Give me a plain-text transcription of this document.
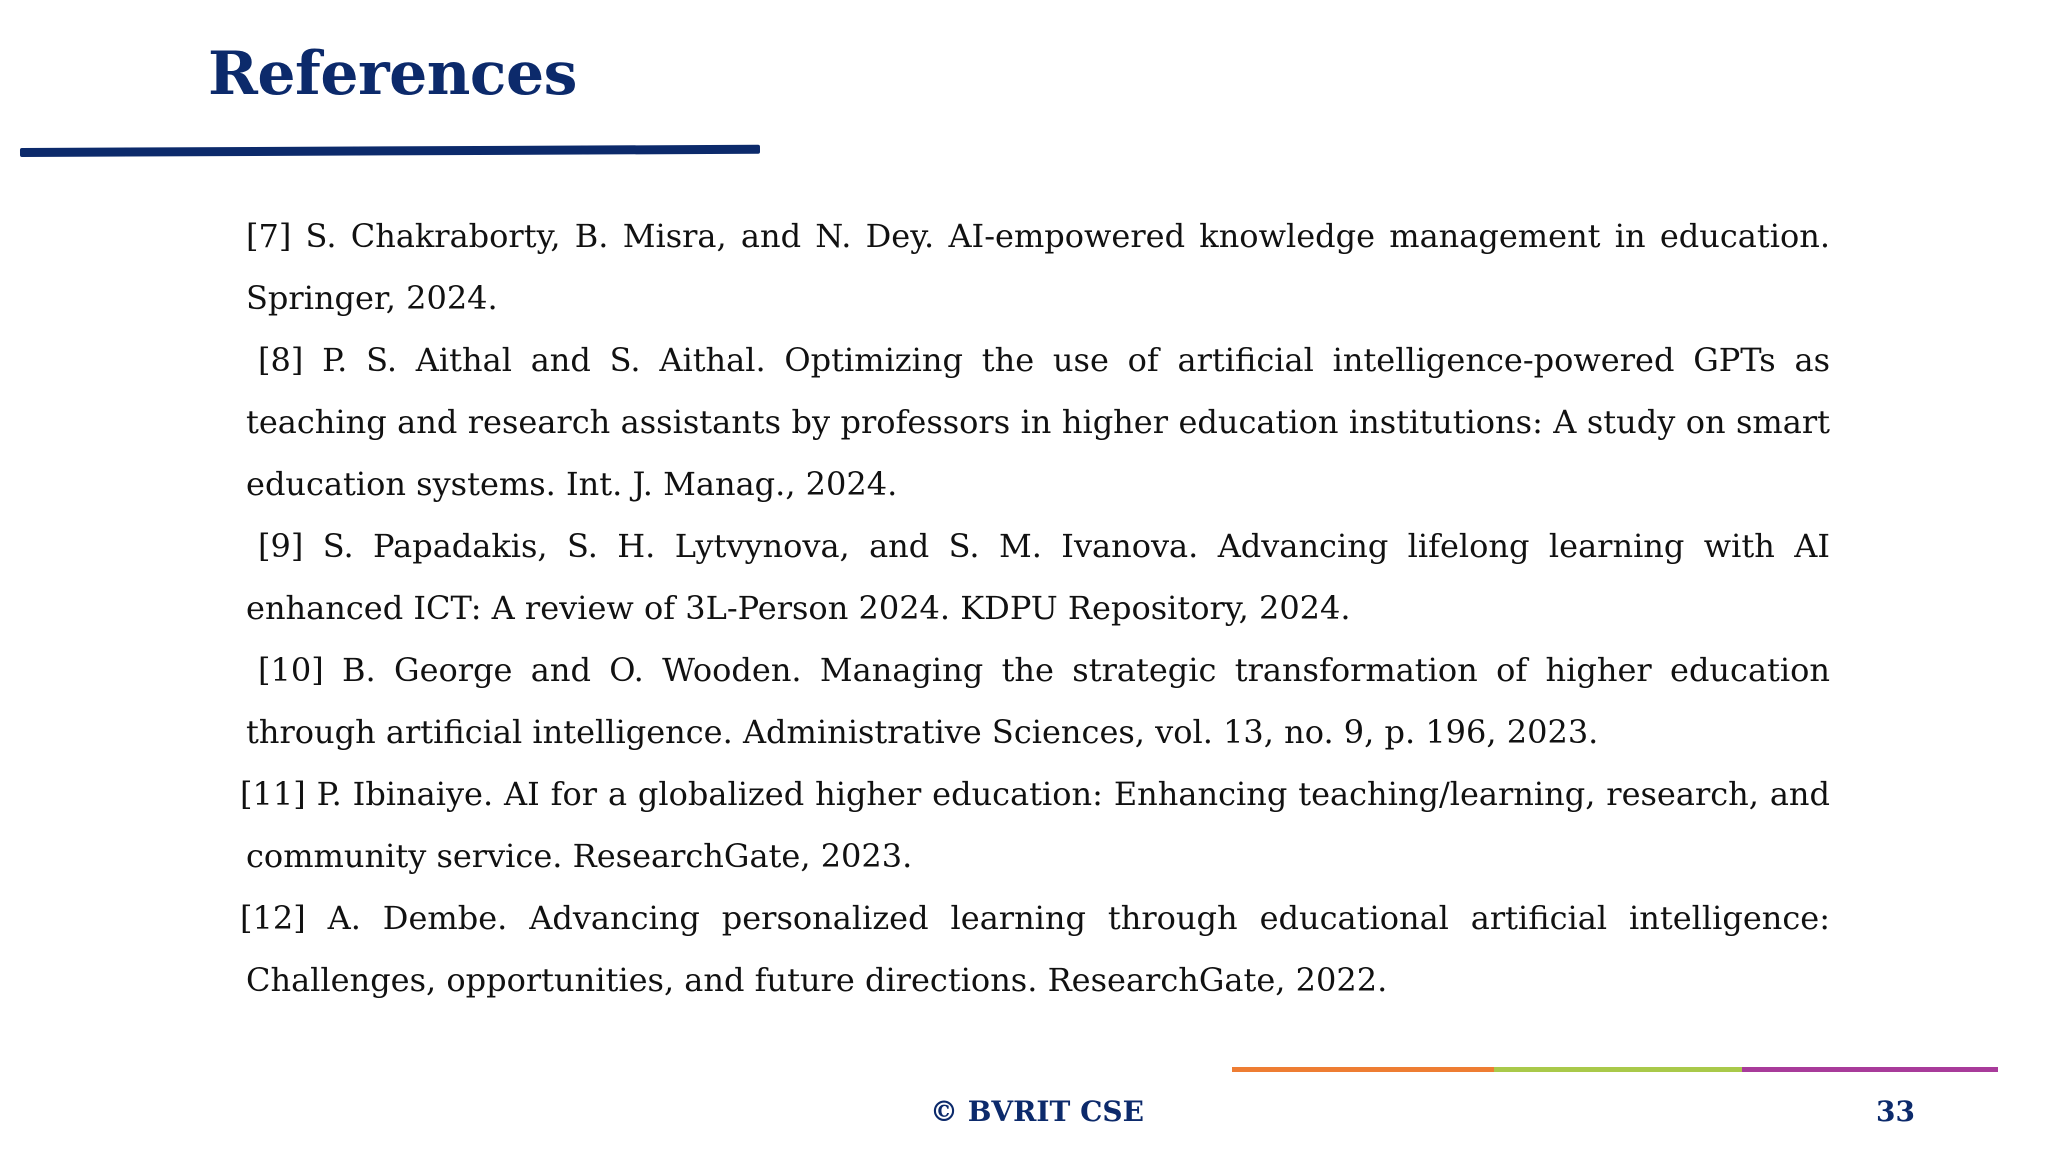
References
[7] S. Chakraborty, B. Misra, and N. Dey. AI-empowered knowledge management in education. Springer, 2024.
[8] P. S. Aithal and S. Aithal. Optimizing the use of artificial intelligence-powered GPTs as teaching and research assistants by professors in higher education institutions: A study on smart education systems. Int. J. Manag., 2024.
[9] S. Papadakis, S. H. Lytvynova, and S. M. Ivanova. Advancing lifelong learning with AI enhanced ICT: A review of 3L-Person 2024. KDPU Repository, 2024.
[10] B. George and O. Wooden. Managing the strategic transformation of higher education through artificial intelligence. Administrative Sciences, vol. 13, no. 9, p. 196, 2023.
[11] P. Ibinaiye. AI for a globalized higher education: Enhancing teaching/learning, research, and community service. ResearchGate, 2023.
[12] A. Dembe. Advancing personalized learning through educational artificial intelligence: Challenges, opportunities, and future directions. ResearchGate, 2022.
© BVRIT CSE	33
